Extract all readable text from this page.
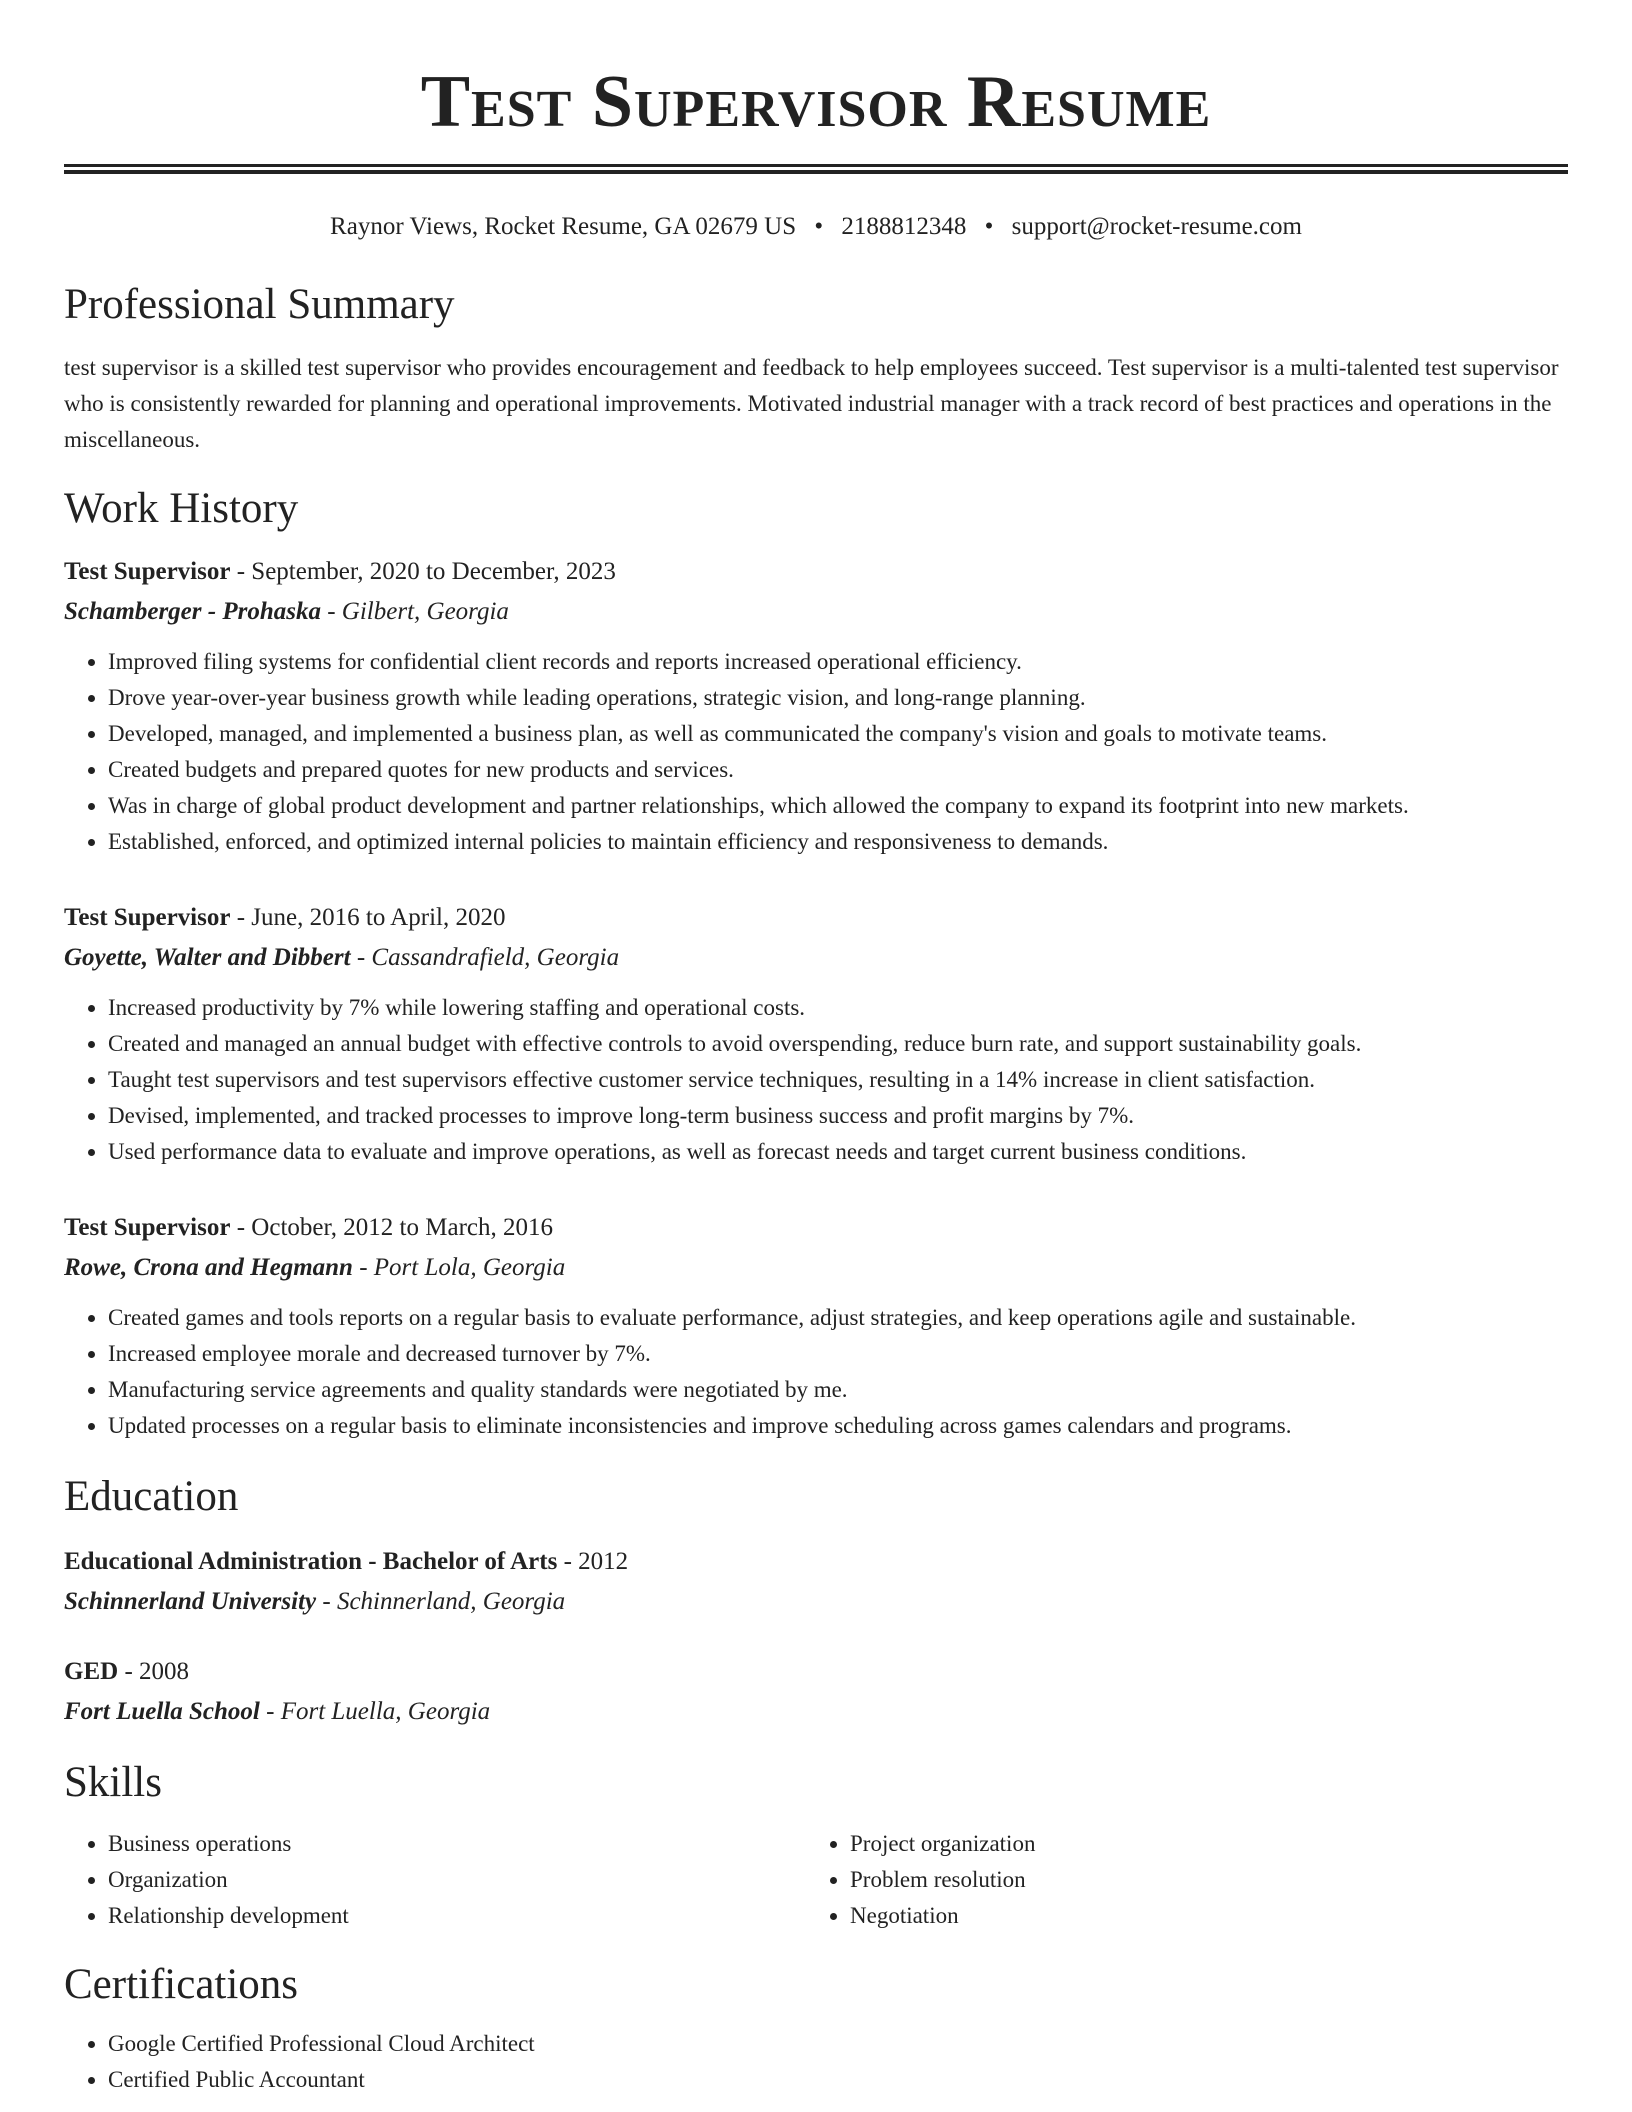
Test Supervisor Resume
Raynor Views, Rocket Resume, GA 02679 US • 2188812348 • support@rocket-resume.com
Professional Summary

test supervisor is a skilled test supervisor who provides encouragement and feedback to help employees succeed. Test supervisor is a multi-talented test supervisor who is consistently rewarded for planning and operational improvements. Motivated industrial manager with a track record of best practices and operations in the miscellaneous.

Work History
Test Supervisor - September, 2020 to December, 2023
Schamberger - Prohaska - Gilbert, Georgia
• Improved filing systems for confidential client records and reports increased operational efficiency.
• Drove year-over-year business growth while leading operations, strategic vision, and long-range planning.
• Developed, managed, and implemented a business plan, as well as communicated the company's vision and goals to motivate teams.
• Created budgets and prepared quotes for new products and services.
• Was in charge of global product development and partner relationships, which allowed the company to expand its footprint into new markets.
• Established, enforced, and optimized internal policies to maintain efficiency and responsiveness to demands.
Test Supervisor - June, 2016 to April, 2020
Goyette, Walter and Dibbert - Cassandrafield, Georgia
• Increased productivity by 7% while lowering staffing and operational costs.
• Created and managed an annual budget with effective controls to avoid overspending, reduce burn rate, and support sustainability goals.
• Taught test supervisors and test supervisors effective customer service techniques, resulting in a 14% increase in client satisfaction.
• Devised, implemented, and tracked processes to improve long-term business success and profit margins by 7%.
• Used performance data to evaluate and improve operations, as well as forecast needs and target current business conditions.
Test Supervisor - October, 2012 to March, 2016
Rowe, Crona and Hegmann - Port Lola, Georgia
• Created games and tools reports on a regular basis to evaluate performance, adjust strategies, and keep operations agile and sustainable.
• Increased employee morale and decreased turnover by 7%.
• Manufacturing service agreements and quality standards were negotiated by me.
• Updated processes on a regular basis to eliminate inconsistencies and improve scheduling across games calendars and programs.
Education
Educational Administration - Bachelor of Arts - 2012
Schinnerland University - Schinnerland, Georgia
GED - 2008
Fort Luella School - Fort Luella, Georgia
Skills
• Business operations
• Organization
• Relationship development
• Project organization
• Problem resolution
• Negotiation
Certifications
• Google Certified Professional Cloud Architect
• Certified Public Accountant
